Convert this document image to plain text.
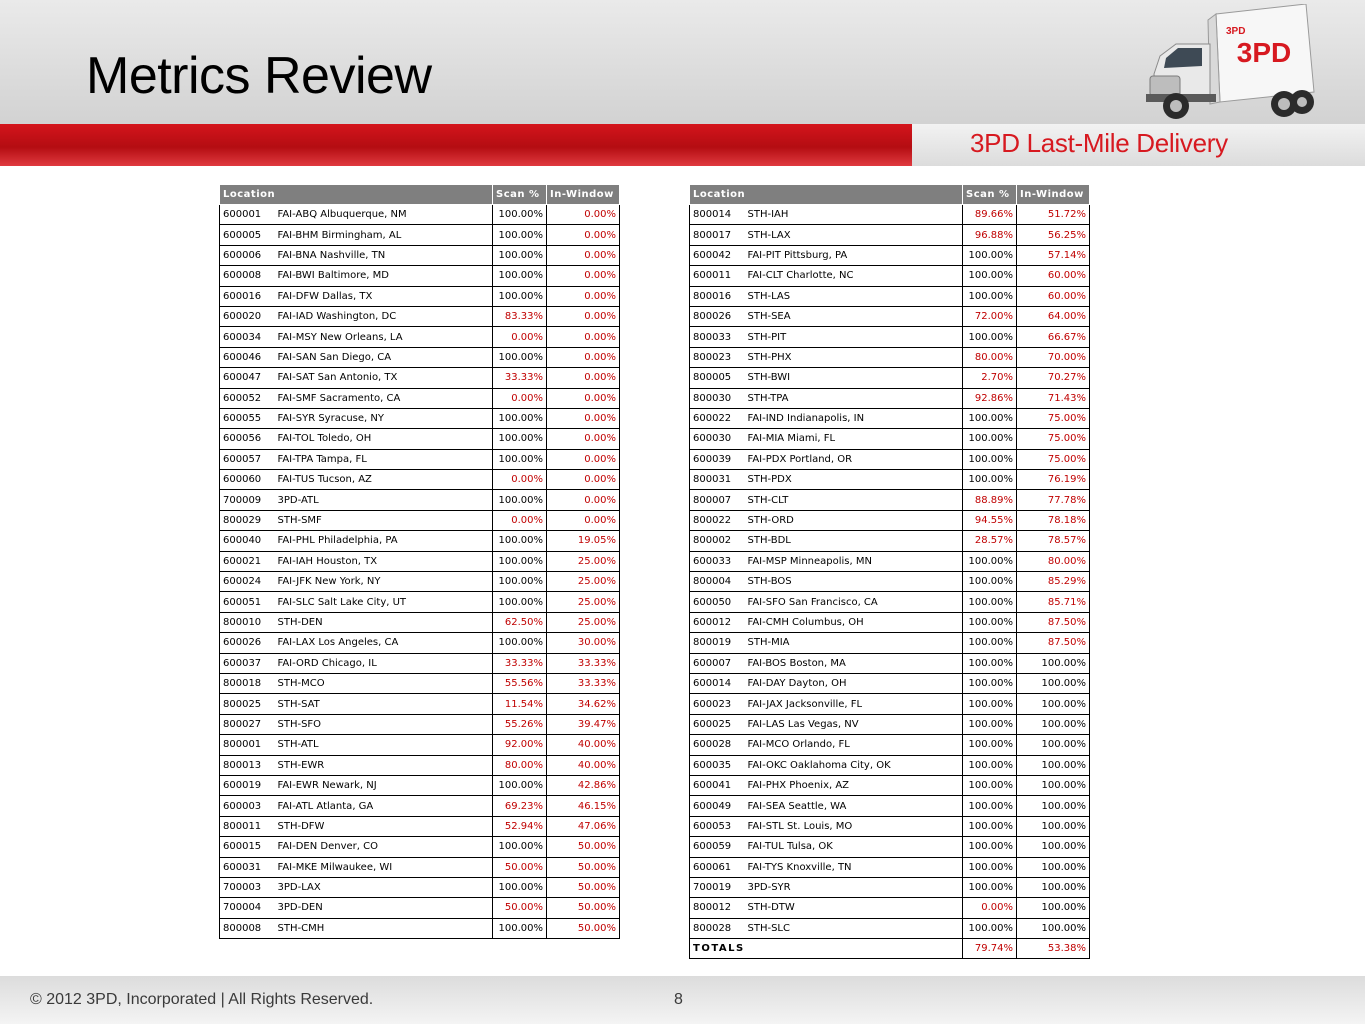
Metrics Review	3PD
3PD
3PD Last-Mile Delivery
Location		Scan %	In-Window
600001	FAI-ABQ Albuquerque, NM	100.00%	0.00%
600005	FAI-BHM Birmingham, AL	100.00%	0.00%
600006	FAI-BNA Nashville, TN	100.00%	0.00%
600008	FAI-BWI Baltimore, MD	100.00%	0.00%
600016	FAI-DFW Dallas, TX	100.00%	0.00%
600020	FAI-IAD Washington, DC	83.33%	0.00%
600034	FAI-MSY New Orleans, LA	0.00%	0.00%
600046	FAI-SAN San Diego, CA	100.00%	0.00%
600047	FAI-SAT San Antonio, TX	33.33%	0.00%
600052	FAI-SMF Sacramento, CA	0.00%	0.00%
600055	FAI-SYR Syracuse, NY	100.00%	0.00%
600056	FAI-TOL Toledo, OH	100.00%	0.00%
600057	FAI-TPA Tampa, FL	100.00%	0.00%
600060	FAI-TUS Tucson, AZ	0.00%	0.00%
700009	3PD-ATL	100.00%	0.00%
800029	STH-SMF	0.00%	0.00%
600040	FAI-PHL Philadelphia, PA	100.00%	19.05%
600021	FAI-IAH Houston, TX	100.00%	25.00%
600024	FAI-JFK New York, NY	100.00%	25.00%
600051	FAI-SLC Salt Lake City, UT	100.00%	25.00%
800010	STH-DEN	62.50%	25.00%
600026	FAI-LAX Los Angeles, CA	100.00%	30.00%
600037	FAI-ORD Chicago, IL	33.33%	33.33%
800018	STH-MCO	55.56%	33.33%
800025	STH-SAT	11.54%	34.62%
800027	STH-SFO	55.26%	39.47%
800001	STH-ATL	92.00%	40.00%
800013	STH-EWR	80.00%	40.00%
600019	FAI-EWR Newark, NJ	100.00%	42.86%
600003	FAI-ATL Atlanta, GA	69.23%	46.15%
800011	STH-DFW	52.94%	47.06%
600015	FAI-DEN Denver, CO	100.00%	50.00%
600031	FAI-MKE Milwaukee, WI	50.00%	50.00%
700003	3PD-LAX	100.00%	50.00%
700004	3PD-DEN	50.00%	50.00%
800008	STH-CMH	100.00%	50.00%
Location		Scan %	In-Window
800014	STH-IAH	89.66%	51.72%
800017	STH-LAX	96.88%	56.25%
600042	FAI-PIT Pittsburg, PA	100.00%	57.14%
600011	FAI-CLT Charlotte, NC	100.00%	60.00%
800016	STH-LAS	100.00%	60.00%
800026	STH-SEA	72.00%	64.00%
800033	STH-PIT	100.00%	66.67%
800023	STH-PHX	80.00%	70.00%
800005	STH-BWI	2.70%	70.27%
800030	STH-TPA	92.86%	71.43%
600022	FAI-IND Indianapolis, IN	100.00%	75.00%
600030	FAI-MIA Miami, FL	100.00%	75.00%
600039	FAI-PDX Portland, OR	100.00%	75.00%
800031	STH-PDX	100.00%	76.19%
800007	STH-CLT	88.89%	77.78%
800022	STH-ORD	94.55%	78.18%
800002	STH-BDL	28.57%	78.57%
600033	FAI-MSP Minneapolis, MN	100.00%	80.00%
800004	STH-BOS	100.00%	85.29%
600050	FAI-SFO San Francisco, CA	100.00%	85.71%
600012	FAI-CMH Columbus, OH	100.00%	87.50%
800019	STH-MIA	100.00%	87.50%
600007	FAI-BOS Boston, MA	100.00%	100.00%
600014	FAI-DAY Dayton, OH	100.00%	100.00%
600023	FAI-JAX Jacksonville, FL	100.00%	100.00%
600025	FAI-LAS Las Vegas, NV	100.00%	100.00%
600028	FAI-MCO Orlando, FL	100.00%	100.00%
600035	FAI-OKC Oaklahoma City, OK	100.00%	100.00%
600041	FAI-PHX Phoenix, AZ	100.00%	100.00%
600049	FAI-SEA Seattle, WA	100.00%	100.00%
600053	FAI-STL St. Louis, MO	100.00%	100.00%
600059	FAI-TUL Tulsa, OK	100.00%	100.00%
600061	FAI-TYS Knoxville, TN	100.00%	100.00%
700019	3PD-SYR	100.00%	100.00%
800012	STH-DTW	0.00%	100.00%
800028	STH-SLC	100.00%	100.00%
TOTALS		79.74%	53.38%
© 2012 3PD, Incorporated | All Rights Reserved.	8
